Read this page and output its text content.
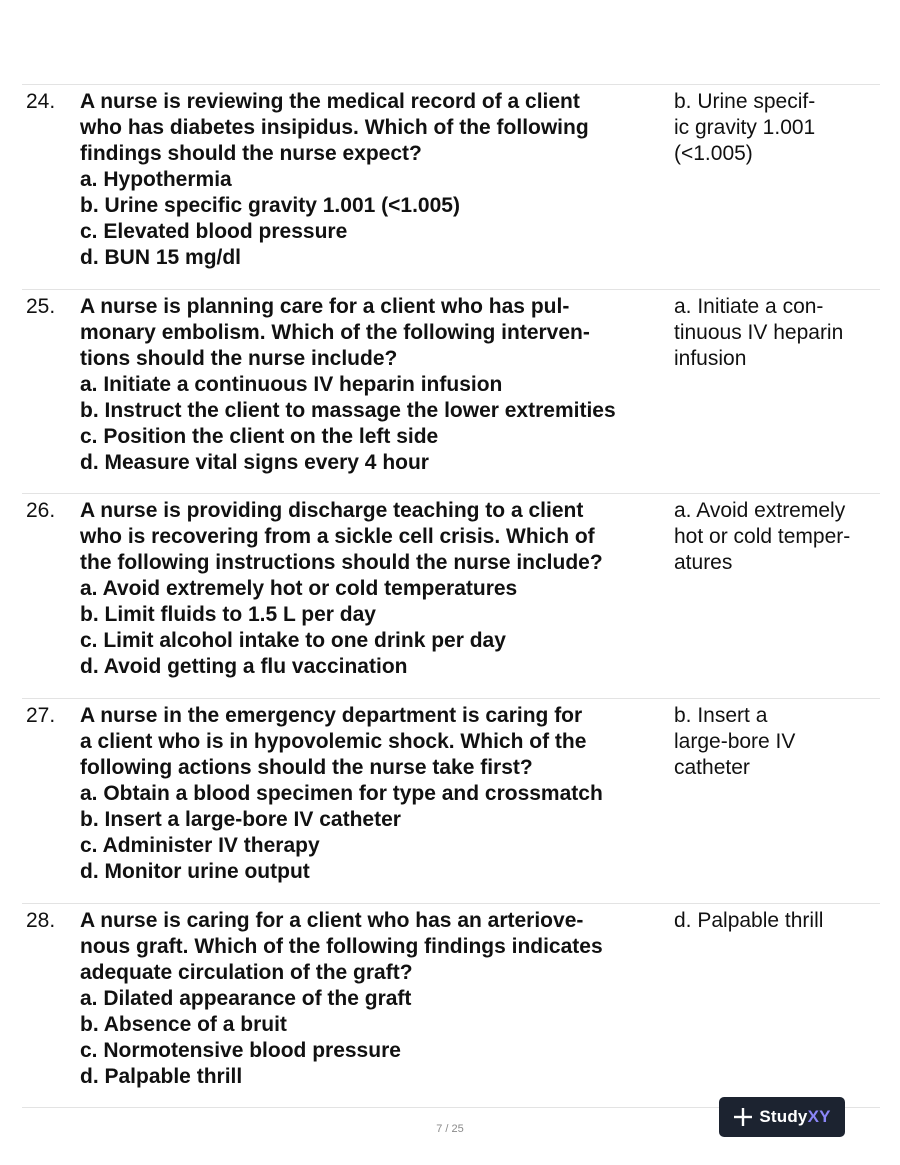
24. A nurse is reviewing the medical record of a client
who has diabetes insipidus. Which of the following
findings should the nurse expect?
a. Hypothermia
b. Urine specific gravity 1.001 (<1.005)
c. Elevated blood pressure
d. BUN 15 mg/dl
b. Urine specif-
ic gravity 1.001
(<1.005)
25. A nurse is planning care for a client who has pul-
monary embolism. Which of the following interven-
tions should the nurse include?
a. Initiate a continuous IV heparin infusion
b. Instruct the client to massage the lower extremities
c. Position the client on the left side
d. Measure vital signs every 4 hour
a. Initiate a con-
tinuous IV heparin
infusion
26. A nurse is providing discharge teaching to a client
who is recovering from a sickle cell crisis. Which of
the following instructions should the nurse include?
a. Avoid extremely hot or cold temperatures
b. Limit fluids to 1.5 L per day
c. Limit alcohol intake to one drink per day
d. Avoid getting a flu vaccination
a. Avoid extremely
hot or cold temper-
atures
27. A nurse in the emergency department is caring for
a client who is in hypovolemic shock. Which of the
following actions should the nurse take first?
a. Obtain a blood specimen for type and crossmatch
b. Insert a large-bore IV catheter
c. Administer IV therapy
d. Monitor urine output
b. Insert a
large-bore IV
catheter
28. A nurse is caring for a client who has an arteriove-
nous graft. Which of the following findings indicates
adequate circulation of the graft?
a. Dilated appearance of the graft
b. Absence of a bruit
c. Normotensive blood pressure
d. Palpable thrill
d. Palpable thrill
7 / 25
StudyXY
